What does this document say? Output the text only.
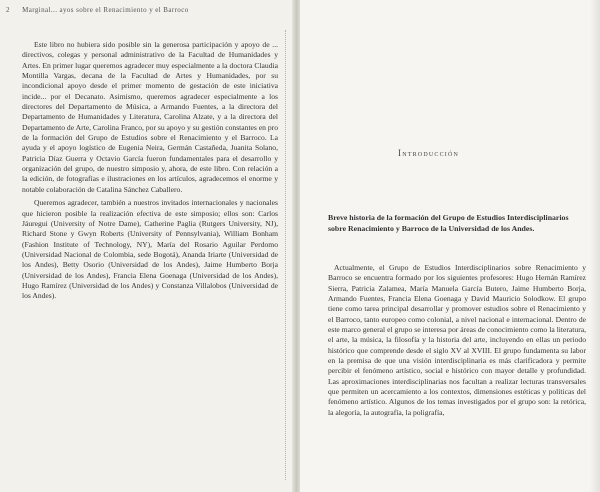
2 Marginal... ayos sobre el Renacimiento y el Barroco

Este libro no hubiera sido posible sin la generosa participación y apoyo de ... directivos, colegas y personal administrativo de la Facultad de Humanidades y Artes. En primer lugar queremos agradecer muy especialmente a la doctora Claudia Montilla Vargas, decana de la Facultad de Artes y Humanidades, por su incondicional apoyo desde el primer momento de gestación de este iniciativa incide... por el Decanato. Asimismo, queremos agradecer especialmente a los directores del Departamento de Música, a Armando Fuentes, a la directora del Departamento de Humanidades y Literatura, Carolina Alzate, y a la directora del Departamento de Arte, Carolina Franco, por su apoyo y su gestión constantes en pro de la formación del Grupo de Estudios sobre el Renacimiento y el Barroco. La ayuda y el apoyo logístico de Eugenia Neira, Germán Castañeda, Juanita Solano, Patricia Díaz Guerra y Octavio García fueron fundamentales para el desarrollo y organización del grupo, de nuestro simposio y, ahora, de este libro. Con relación a la edición, de fotografías e ilustraciones en los artículos, agradecemos el enorme y notable colaboración de Catalina Sánchez Caballero.

Queremos agradecer, también a nuestros invitados internacionales y nacionales que hicieron posible la realización efectiva de este simposio; ellos son: Carlos Jáuregui (University of Notre Dame), Catherine Paglia (Rutgers University, NJ), Richard Stone y Gwyn Roberts (University of Pennsylvania), William Bonham (Fashion Institute of Technology, NY), María del Rosario Aguilar Perdomo (Universidad Nacional de Colombia, sede Bogotá), Ananda Iriarte (Universidad de los Andes), Betty Osorio (Universidad de los Andes), Jaime Humberto Borja (Universidad de los Andes), Francia Elena Goenaga (Universidad de los Andes), Hugo Ramírez (Universidad de los Andes) y Constanza Villalobos (Universidad de los Andes).

Introducción
Breve historia de la formación del Grupo de Estudios Interdisciplinarios sobre Renacimiento y Barroco de la Universidad de los Andes.

Actualmente, el Grupo de Estudios Interdisciplinarios sobre Renacimiento y Barroco se encuentra formado por los siguientes profesores: Hugo Hernán Ramírez Sierra, Patricia Zalamea, María Manuela García Butero, Jaime Humberto Borja, Armando Fuentes, Francia Elena Goenaga y David Mauricio Solodkow. El grupo tiene como tarea principal desarrollar y promover estudios sobre el Renacimiento y el Barroco, tanto europeo como colonial, a nivel nacional e internacional. Dentro de este marco general el grupo se interesa por áreas de conocimiento como la literatura, el arte, la música, la filosofía y la historia del arte, incluyendo en ellas un periodo histórico que comprende desde el siglo XV al XVIII. El grupo fundamenta su labor en la premisa de que una visión interdisciplinaria es más clarificadora y permite percibir el fenómeno artístico, social e histórico con mayor detalle y profundidad. Las aproximaciones interdisciplinarias nos facultan a realizar lecturas transversales que permiten un acercamiento a los contextos, dimensiones estéticas y políticas del fenómeno artístico. Algunos de los temas investigados por el grupo son: la retórica, la alegoría, la autografía, la poligrafía,
